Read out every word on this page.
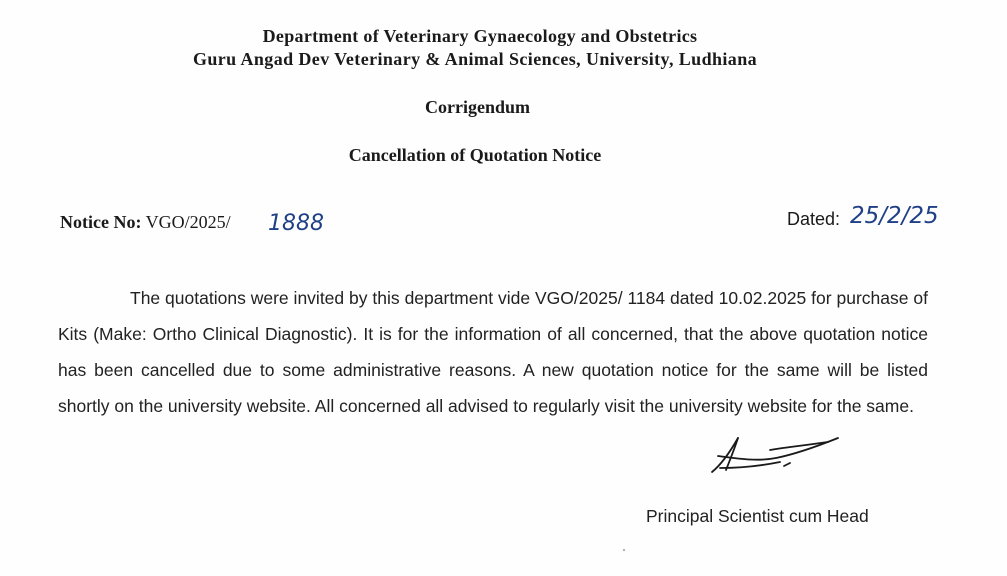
Department of Veterinary Gynaecology and Obstetrics
Guru Angad Dev Veterinary & Animal Sciences, University, Ludhiana
Corrigendum
Cancellation of Quotation Notice
Notice No: VGO/2025/ 1888	Dated: 25/2/25
The quotations were invited by this department vide VGO/2025/ 1184 dated 10.02.2025 for purchase of Kits (Make: Ortho Clinical Diagnostic). It is for the information of all concerned, that the above quotation notice has been cancelled due to some administrative reasons. A new quotation notice for the same will be listed shortly on the university website. All concerned all advised to regularly visit the university website for the same.
Principal Scientist cum Head
